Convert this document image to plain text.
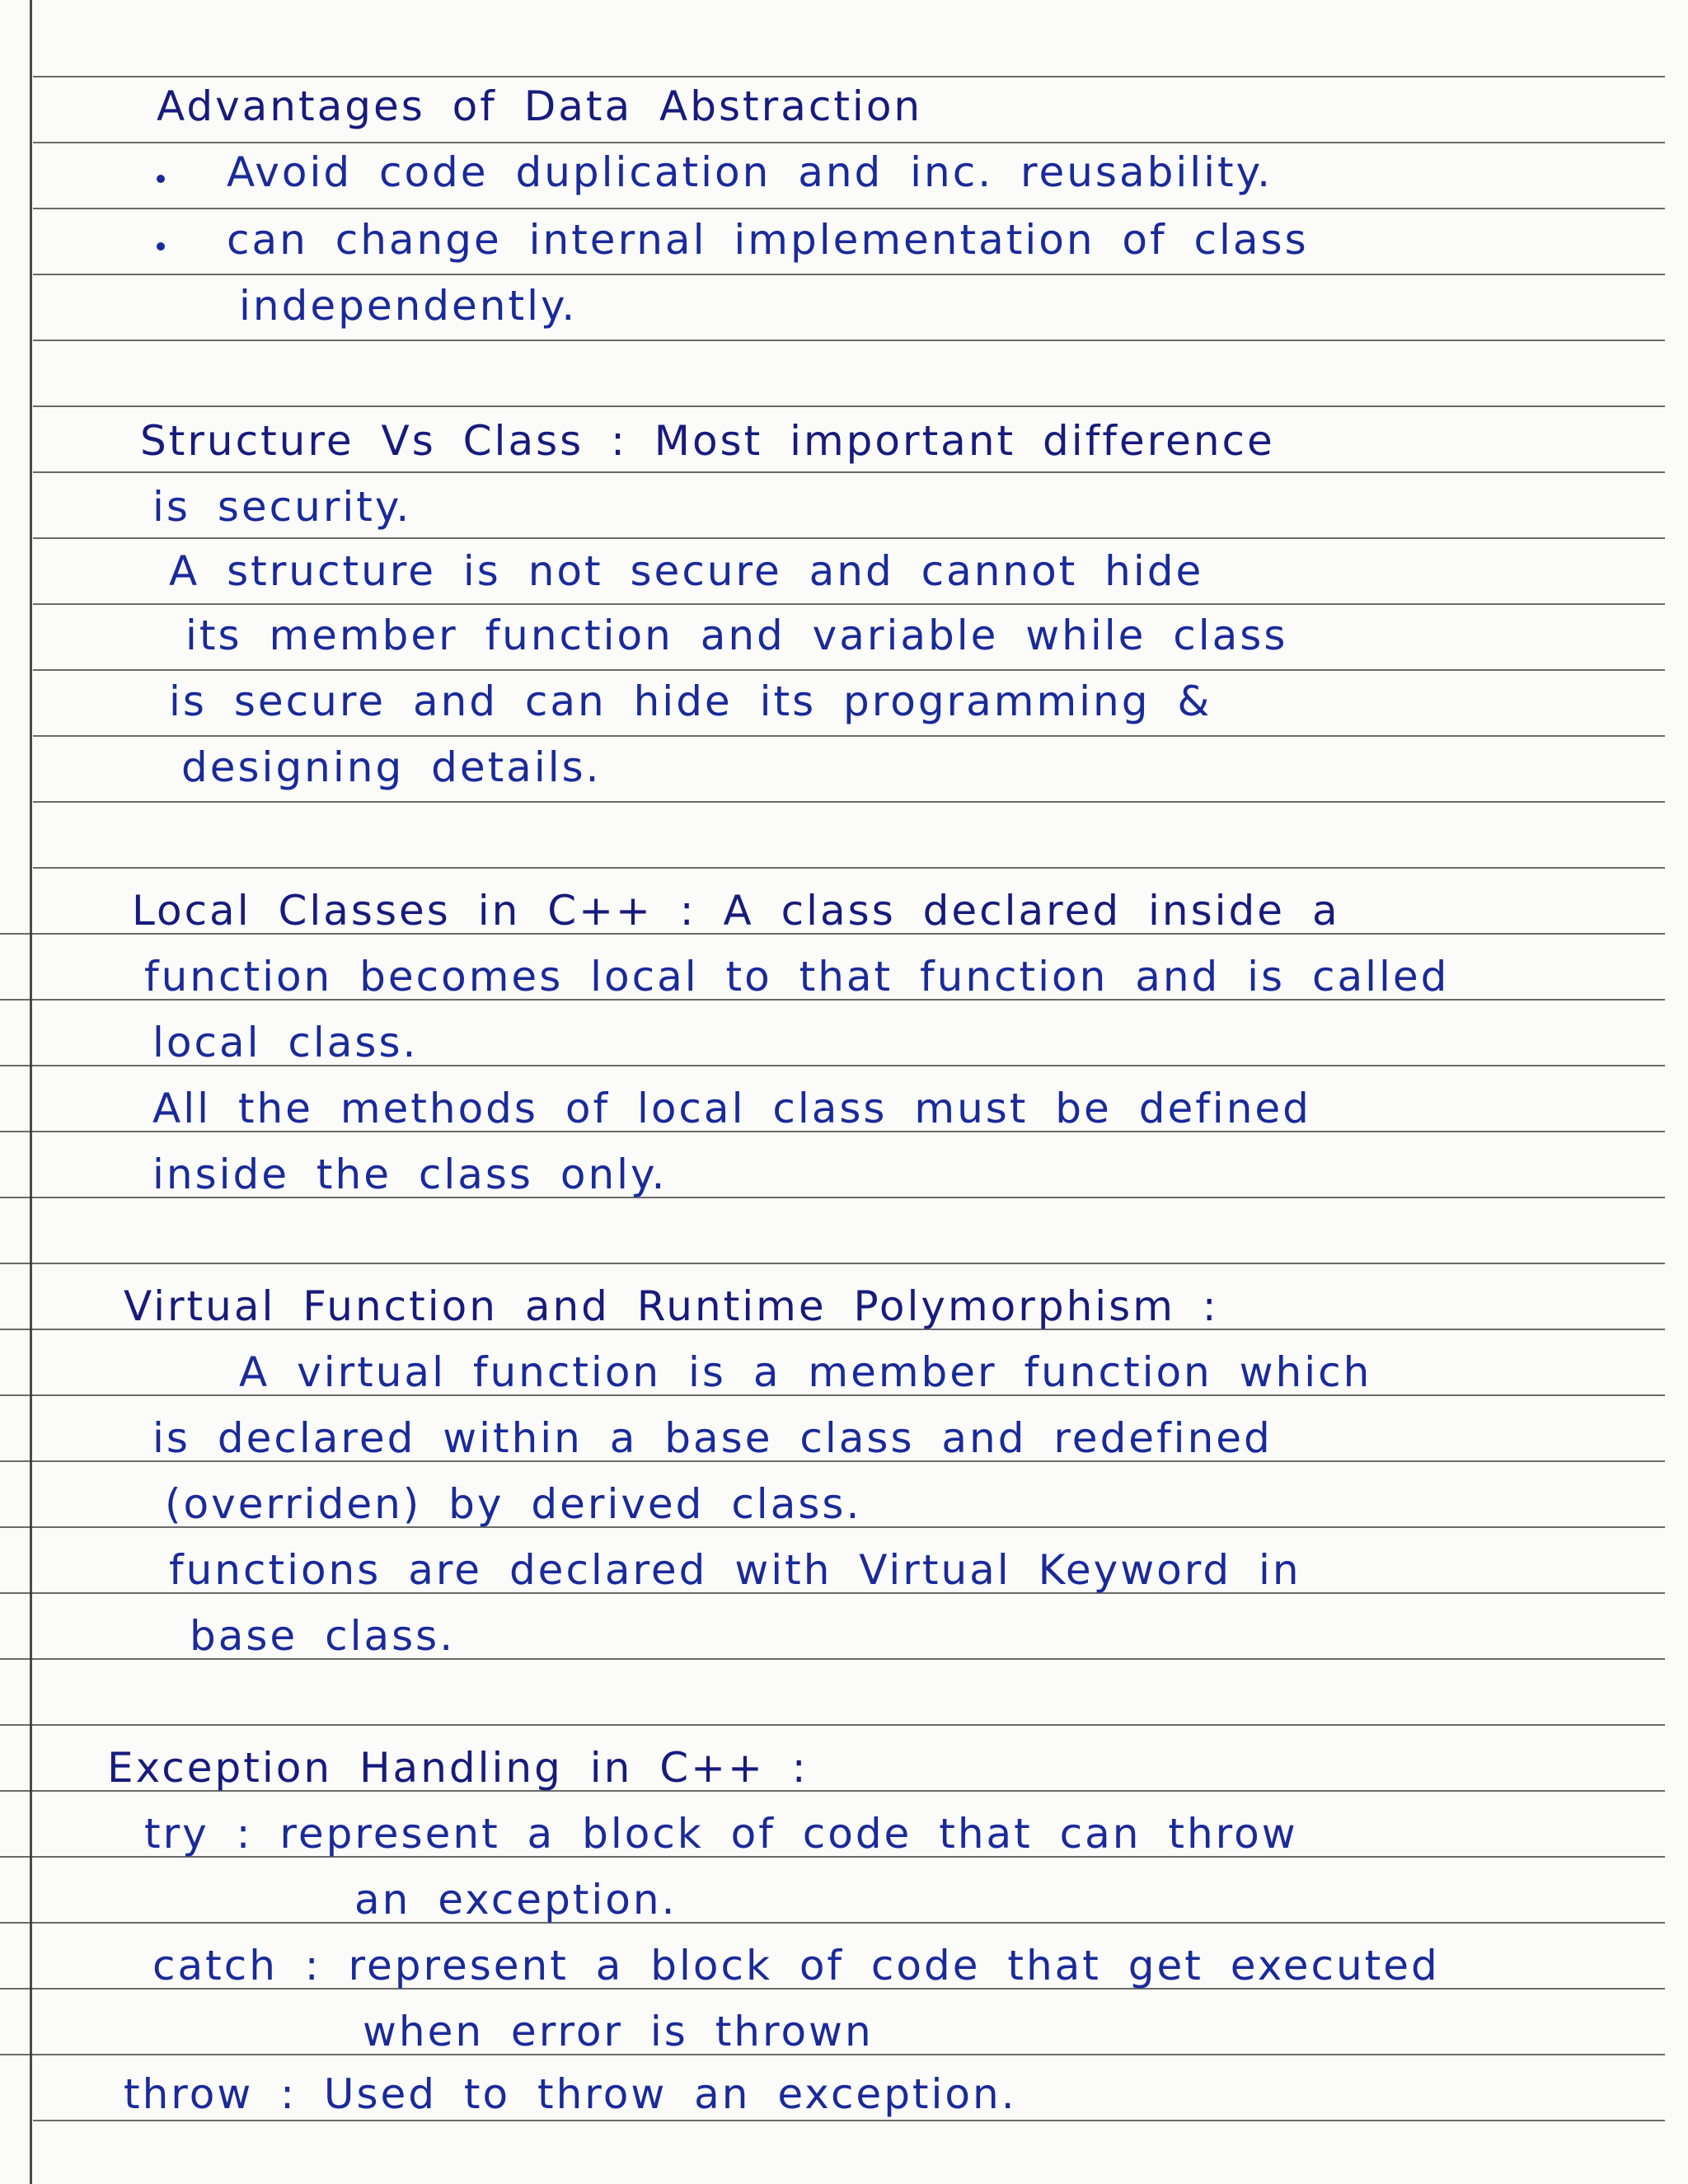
Advantages of Data Abstraction
Avoid code duplication and inc. reusability.
can change internal implementation of class
independently.
Structure Vs Class : Most important difference
is security.
A structure is not secure and cannot hide
its member function and variable while class
is secure and can hide its programming &
designing details.
Local Classes in C++ : A class declared inside a
function becomes local to that function and is called
local class.
All the methods of local class must be defined
inside the class only.
Virtual Function and Runtime Polymorphism :
A virtual function is a member function which
is declared within a base class and redefined
(overriden) by derived class.
functions are declared with Virtual Keyword in
base class.
Exception Handling in C++ :
try : represent a block of code that can throw
an exception.
catch : represent a block of code that get executed
when error is thrown
throw : Used to throw an exception.
